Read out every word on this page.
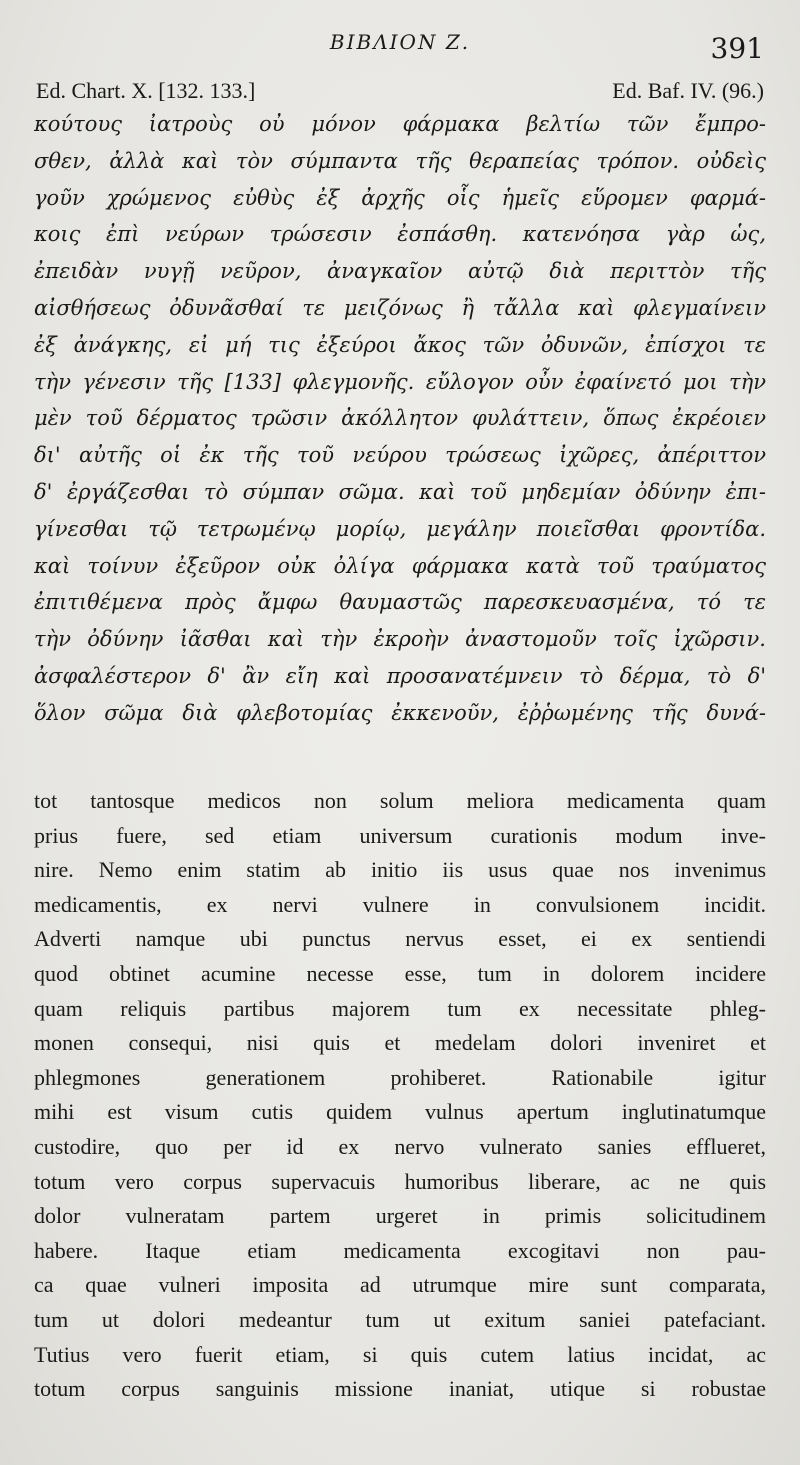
BIBΛΙΟΝ Ζ.	391
Ed. Chart. X. [132. 133.]	Ed. Baf. IV. (96.)
κούτους ἰατροὺς οὐ μόνον φάρμακα βελτίω τῶν ἔμπρο-
σθεν, ἀλλὰ καὶ τὸν σύμπαντα τῆς θεραπείας τρόπον. οὐδεὶς
γοῦν χρώμενος εὐθὺς ἐξ ἀρχῆς οἷς ἡμεῖς εὕρομεν φαρμά-
κοις ἐπὶ νεύρων τρώσεσιν ἐσπάσθη. κατενόησα γὰρ ὡς,
ἐπειδὰν νυγῇ νεῦρον, ἀναγκαῖον αὐτῷ διὰ περιττὸν τῆς
αἰσθήσεως ὀδυνᾶσθαί τε μειζόνως ἢ τἄλλα καὶ φλεγμαίνειν
ἐξ ἀνάγκης, εἰ μή τις ἐξεύροι ἄκος τῶν ὀδυνῶν, ἐπίσχοι τε
τὴν γένεσιν τῆς [133] φλεγμονῆς. εὔλογον οὖν ἐφαίνετό μοι τὴν
μὲν τοῦ δέρματος τρῶσιν ἀκόλλητον φυλάττειν, ὅπως ἐκρέοιεν
δι' αὐτῆς οἱ ἐκ τῆς τοῦ νεύρου τρώσεως ἰχῶρες, ἀπέριττον
δ' ἐργάζεσθαι τὸ σύμπαν σῶμα. καὶ τοῦ μηδεμίαν ὀδύνην ἐπι-
γίνεσθαι τῷ τετρωμένῳ μορίῳ, μεγάλην ποιεῖσθαι φροντίδα.
καὶ τοίνυν ἐξεῦρον οὐκ ὀλίγα φάρμακα κατὰ τοῦ τραύματος
ἐπιτιθέμενα πρὸς ἄμφω θαυμαστῶς παρεσκευασμένα, τό τε
τὴν ὀδύνην ἰᾶσθαι καὶ τὴν ἐκροὴν ἀναστομοῦν τοῖς ἰχῶρσιν.
ἀσφαλέστερον δ' ἂν εἴη καὶ προσανατέμνειν τὸ δέρμα, τὸ δ'
ὅλον σῶμα διὰ φλεβοτομίας ἐκκενοῦν, ἐῤῥωμένης τῆς δυνά-
tot tantosque medicos non solum meliora medicamenta quam
prius fuere, sed etiam universum curationis modum inve-
nire. Nemo enim statim ab initio iis usus quae nos invenimus
medicamentis, ex nervi vulnere in convulsionem incidit.
Adverti namque ubi punctus nervus esset, ei ex sentiendi
quod obtinet acumine necesse esse, tum in dolorem incidere
quam reliquis partibus majorem tum ex necessitate phleg-
monen consequi, nisi quis et medelam dolori inveniret et
phlegmones generationem prohiberet. Rationabile igitur
mihi est visum cutis quidem vulnus apertum inglutinatumque
custodire, quo per id ex nervo vulnerato sanies efflueret,
totum vero corpus supervacuis humoribus liberare, ac ne quis
dolor vulneratam partem urgeret in primis solicitudinem
habere. Itaque etiam medicamenta excogitavi non pau-
ca quae vulneri imposita ad utrumque mire sunt comparata,
tum ut dolori medeantur tum ut exitum saniei patefaciant.
Tutius vero fuerit etiam, si quis cutem latius incidat, ac
totum corpus sanguinis missione inaniat, utique si robustae
